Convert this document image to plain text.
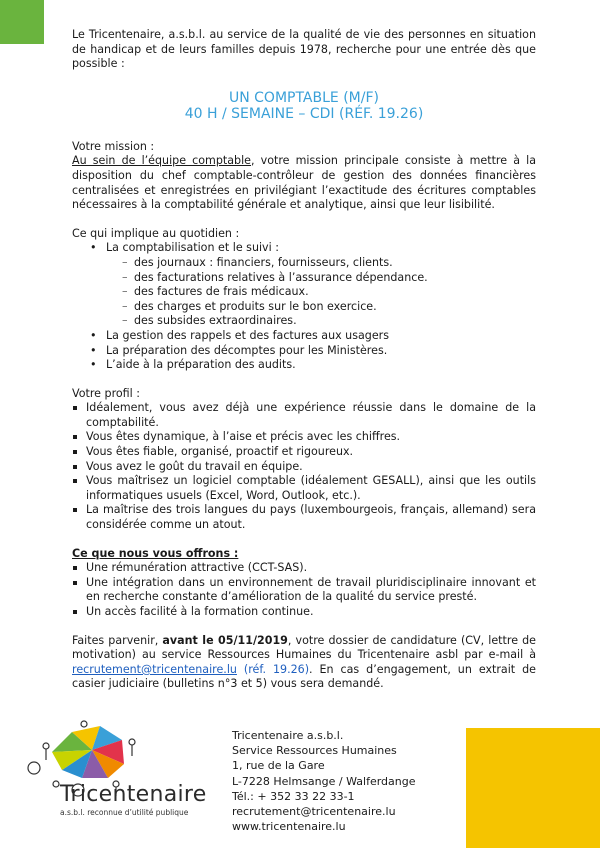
Le Tricentenaire, a.s.b.l. au service de la qualité de vie des personnes en situation de handicap et de leurs familles depuis 1978, recherche pour une entrée dès que possible :

UN COMPTABLE (M/F)

40 H / SEMAINE – CDI (RÉF. 19.26)

Votre mission :

Au sein de l’équipe comptable, votre mission principale consiste à mettre à la disposition du chef comptable-contrôleur de gestion des données financières centralisées et enregistrées en privilégiant l’exactitude des écritures comptables nécessaires à la comptabilité générale et analytique, ainsi que leur lisibilité.

Ce qui implique au quotidien :

• La comptabilisation et le suivi :
– des journaux : financiers, fournisseurs, clients.
– des facturations relatives à l’assurance dépendance.
– des factures de frais médicaux.
– des charges et produits sur le bon exercice.
– des subsides extraordinaires.
• La gestion des rappels et des factures aux usagers
• La préparation des décomptes pour les Ministères.
• L’aide à la préparation des audits.

Votre profil :

Idéalement, vous avez déjà une expérience réussie dans le domaine de la comptabilité.
Vous êtes dynamique, à l’aise et précis avec les chiffres.
Vous êtes fiable, organisé, proactif et rigoureux.
Vous avez le goût du travail en équipe.
Vous maîtrisez un logiciel comptable (idéalement GESALL), ainsi que les outils informatiques usuels (Excel, Word, Outlook, etc.).
La maîtrise des trois langues du pays (luxembourgeois, français, allemand) sera considérée comme un atout.

Ce que nous vous offrons :

Une rémunération attractive (CCT-SAS).
Une intégration dans un environnement de travail pluridisciplinaire innovant et en recherche constante d’amélioration de la qualité du service presté.
Un accès facilité à la formation continue.

Faites parvenir, avant le 05/11/2019, votre dossier de candidature (CV, lettre de motivation) au service Ressources Humaines du Tricentenaire asbl par e-mail à recrutement@tricentenaire.lu (réf. 19.26). En cas d’engagement, un extrait de casier judiciaire (bulletins n°3 et 5) vous sera demandé.

Tricentenaire
a.s.b.l. reconnue d’utilité publique
Tricentenaire a.s.b.l.
Service Ressources Humaines
1, rue de la Gare
L-7228 Helmsange / Walferdange
Tél.: + 352 33 22 33-1
recrutement@tricentenaire.lu
www.tricentenaire.lu
